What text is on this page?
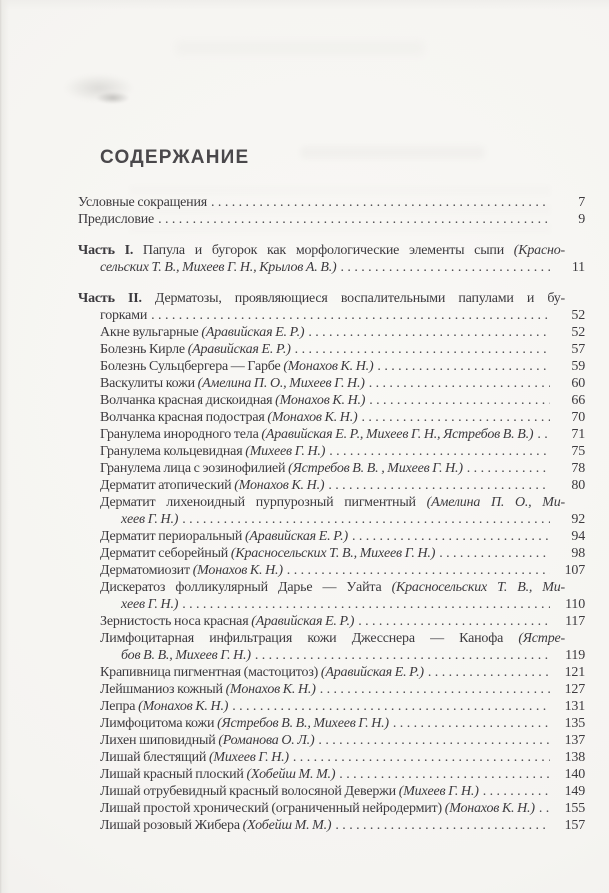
СОДЕРЖАНИЕ
Условные сокращения .....	7
Предисловие .....	9
Часть I. Папула и бугорок как морфологические элементы сыпи (Красно-
сельских Т. В., Михеев Г. Н., Крылов А. В.) .....	11
Часть II. Дерматозы, проявляющиеся воспалительными папулами и бу-
горками .....	52
Акне вульгарные (Аравийская Е. Р.) .....	52
Болезнь Кирле (Аравийская Е. Р.) .....	57
Болезнь Сульцбергера — Гарбе (Монахов К. Н.) .....	59
Васкулиты кожи (Амелина П. О., Михеев Г. Н.) .....	60
Волчанка красная дискоидная (Монахов К. Н.) .....	66
Волчанка красная подострая (Монахов К. Н.) .....	70
Гранулема инородного тела (Аравийская Е. Р., Михеев Г. Н., Ястребов В. В.) .....	71
Гранулема кольцевидная (Михеев Г. Н.) .....	75
Гранулема лица с эозинофилией (Ястребов В. В. , Михеев Г. Н.) .....	78
Дерматит атопический (Монахов К. Н.) .....	80
Дерматит лихеноидный пурпурозный пигментный (Амелина П. О., Ми-
хеев Г. Н.) .....	92
Дерматит периоральный (Аравийская Е. Р.) .....	94
Дерматит себорейный (Красносельских Т. В., Михеев Г. Н.) .....	98
Дерматомиозит (Монахов К. Н.) .....	107
Дискератоз фолликулярный Дарье — Уайта (Красносельских Т. В., Ми-
хеев Г. Н.) .....	110
Зернистость носа красная (Аравийская Е. Р.) .....	117
Лимфоцитарная инфильтрация кожи Джесснера — Канофа (Ястре-
бов В. В., Михеев Г. Н.) .....	119
Крапивница пигментная (мастоцитоз) (Аравийская Е. Р.) .....	121
Лейшманиоз кожный (Монахов К. Н.) .....	127
Лепра (Монахов К. Н.) .....	131
Лимфоцитома кожи (Ястребов В. В., Михеев Г. Н.) .....	135
Лихен шиповидный (Романова О. Л.) .....	137
Лишай блестящий (Михеев Г. Н.) .....	138
Лишай красный плоский (Хобейш М. М.) .....	140
Лишай отрубевидный красный волосяной Девержи (Михеев Г. Н.) .....	149
Лишай простой хронический (ограниченный нейродермит) (Монахов К. Н.) .....	155
Лишай розовый Жибера (Хобейш М. М.) .....	157
